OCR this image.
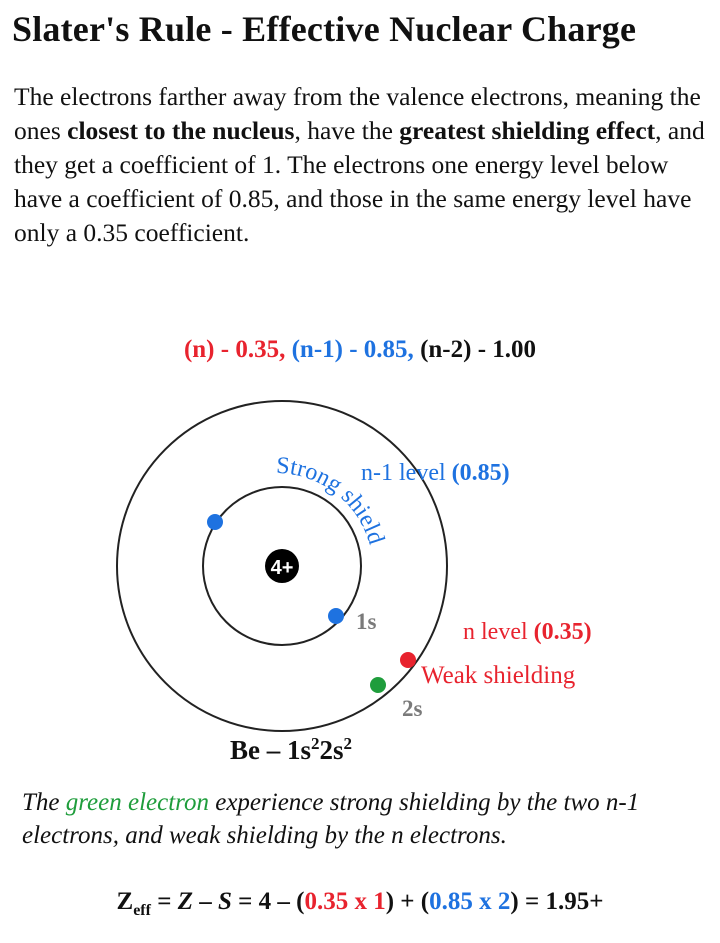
Slater's Rule - Effective Nuclear Charge
The electrons farther away from the valence electrons, meaning the ones closest to the nucleus, have the greatest shielding effect, and they get a coefficient of 1. The electrons one energy level below have a coefficient of 0.85, and those in the same energy level have only a 0.35 coefficient.
(n) - 0.35, (n-1) - 0.85, (n-2) - 1.00
4+
Strong shield
n-1 level (0.85)
1s	n level (0.35)
Weak shielding
2s
Be – $1s^22s^2$
The green electron experience strong shielding by the two n-1 electrons, and weak shielding by the n electrons.
$Z_{eff} = Z - S = 4 - (0.35$ x 1) + (0.85 x 2) = 1.95+
